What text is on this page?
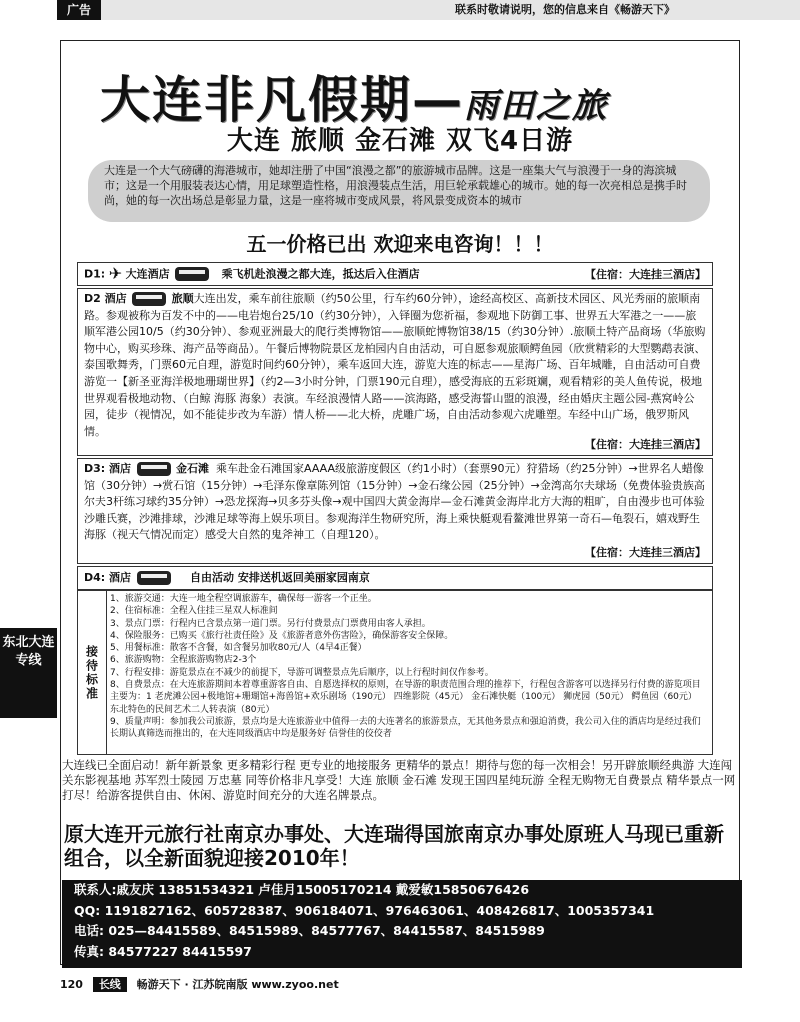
广告	联系时敬请说明，您的信息来自《畅游天下》
大连非凡假期—雨田之旅
大连 旅顺 金石滩 双飞4日游
大连是一个大气磅礴的海港城市，她却注册了中国“浪漫之都”的旅游城市品牌。这是一座集大气与浪漫于一身的海滨城市；这是一个用服装表达心情，用足球塑造性格，用浪漫装点生活，用巨轮承载雄心的城市。她的每一次亮相总是携手时尚，她的每一次出场总是彰显力量，这是一座将城市变成风景，将风景变成资本的城市
五一价格已出 欢迎来电咨询！！！
D1: ✈ 大连酒店	乘飞机赴浪漫之都大连，抵达后入住酒店	【住宿：大连挂三酒店】
D2 酒店	旅顺大连出发，乘车前往旅顺（约50公里，行车约60分钟），途经高校区、高新技术园区、风光秀丽的旅顺南路。参观被称为百发不中的——电岩炮台25/10（约30分钟），入铎圈为您祈福，参观地下防御工事、世界五大军港之一——旅顺军港公园10/5（约30分钟）、参观亚洲最大的爬行类博物馆——旅顺蛇博物馆38/15（约30分钟）.旅顺土特产品商场（华旅购物中心，购买珍珠、海产品等商品）。午餐后博物院景区龙柏园内自由活动，可自愿参观旅顺鳄鱼园（欣赏精彩的大型鹦鹉表演、泰国歌舞秀，门票60元自理，游览时间约60分钟），乘车返回大连，游览大连的标志——星海广场、百年城雕，自由活动可自费游览一【新圣亚海洋极地珊瑚世界】（约2—3小时分钟，门票190元自理），感受海底的五彩斑斓，观看精彩的美人鱼传说，极地世界观看极地动物、（白鲸 海豚 海象）表演。车经浪漫情人路——滨海路，感受海誓山盟的浪漫，经由婚庆主题公园-燕窝岭公园，徒步（视情况，如不能徒步改为车游）情人桥——北大桥，虎雕广场，自由活动参观六虎雕塑。车经中山广场，俄罗斯风情。
【住宿：大连挂三酒店】
D3: 酒店	金石滩 乘车赴金石滩国家AAAA级旅游度假区（约1小时）（套票90元）狩猎场（约25分钟）→世界名人蜡像馆（30分钟）→赏石馆（15分钟）→毛泽东像章陈列馆（15分钟）→金石缘公园（25分钟）→金湾高尔夫球场（免费体验贵族高尔夫3杆练习球约35分钟）→恐龙探海→贝多芬头像→观中国四大黄金海岸—金石滩黄金海岸北方大海的粗旷，自由漫步也可体验沙雕氏赛，沙滩排球，沙滩足球等海上娱乐项目。参观海洋生物研究所，海上乘快艇观看鳌滩世界第一奇石—龟裂石，嬉戏野生海豚（视天气情况而定）感受大自然的鬼斧神工（自理120）。
【住宿：大连挂三酒店】
D4: 酒店	自由活动 安排送机返回美丽家园南京
接待标准
1、旅游交通：大连一地全程空调旅游车，确保每一游客一个正坐。
2、住宿标准：全程入住挂三星双人标准间
3、景点门票：行程内已含景点第一道门票。另行付费景点门票费用由客人承担。
4、保险服务：已购买《旅行社责任险》及《旅游者意外伤害险》，确保游客安全保障。
5、用餐标准：散客不含餐，如含餐另加收80元/人（4早4正餐）
6、旅游购物：全程旅游购物店2-3个
7、行程安排：游览景点在不减少的前提下，导游可调整景点先后顺序，以上行程时间仅作参考。
8、自费景点：在大连旅游期间本着尊重游客自由、自愿选择权的原则，在导游的职责范围合理的推荐下，行程包含游客可以选择另行付费的游览项目主要为：1 老虎滩公园+极地馆+珊瑚馆+海兽馆+欢乐剧场（190元） 四维影院（45元） 金石滩快艇（100元） 狮虎园（50元） 鳄鱼园（60元） 东北特色的民间艺术二人转表演（80元）
9、质量声明：参加我公司旅游，景点均是大连旅游业中值得一去的大连著名的旅游景点，无其他务景点和强迫消费，我公司入住的酒店均是经过我们长期认真筛选而推出的，在大连同级酒店中均是服务好 信誉佳的佼佼者
东北大连专线
大连线已全面启动！新年新景象 更多精彩行程 更专业的地接服务 更精华的景点！期待与您的每一次相会！另开辟旅顺经典游 大连闯关东影视基地 苏军烈士陵园 万忠墓 同等价格非凡享受！大连 旅顺 金石滩 发现王国四星纯玩游 全程无购物无自费景点 精华景点一网打尽！给游客提供自由、休闲、游览时间充分的大连名牌景点。
原大连开元旅行社南京办事处、大连瑞得国旅南京办事处原班人马现已重新组合，以全新面貌迎接2010年！
联系人:戚友庆 13851534321 卢佳月15005170214 戴爱敏15850676426
QQ: 1191827162、605728387、906184071、976463061、408426817、1005357341
电话: 025—84415589、84515989、84577767、84415587、84515989
传真: 84577227 84415597
120 长线 畅游天下 · 江苏皖南版 www.zyoo.net
